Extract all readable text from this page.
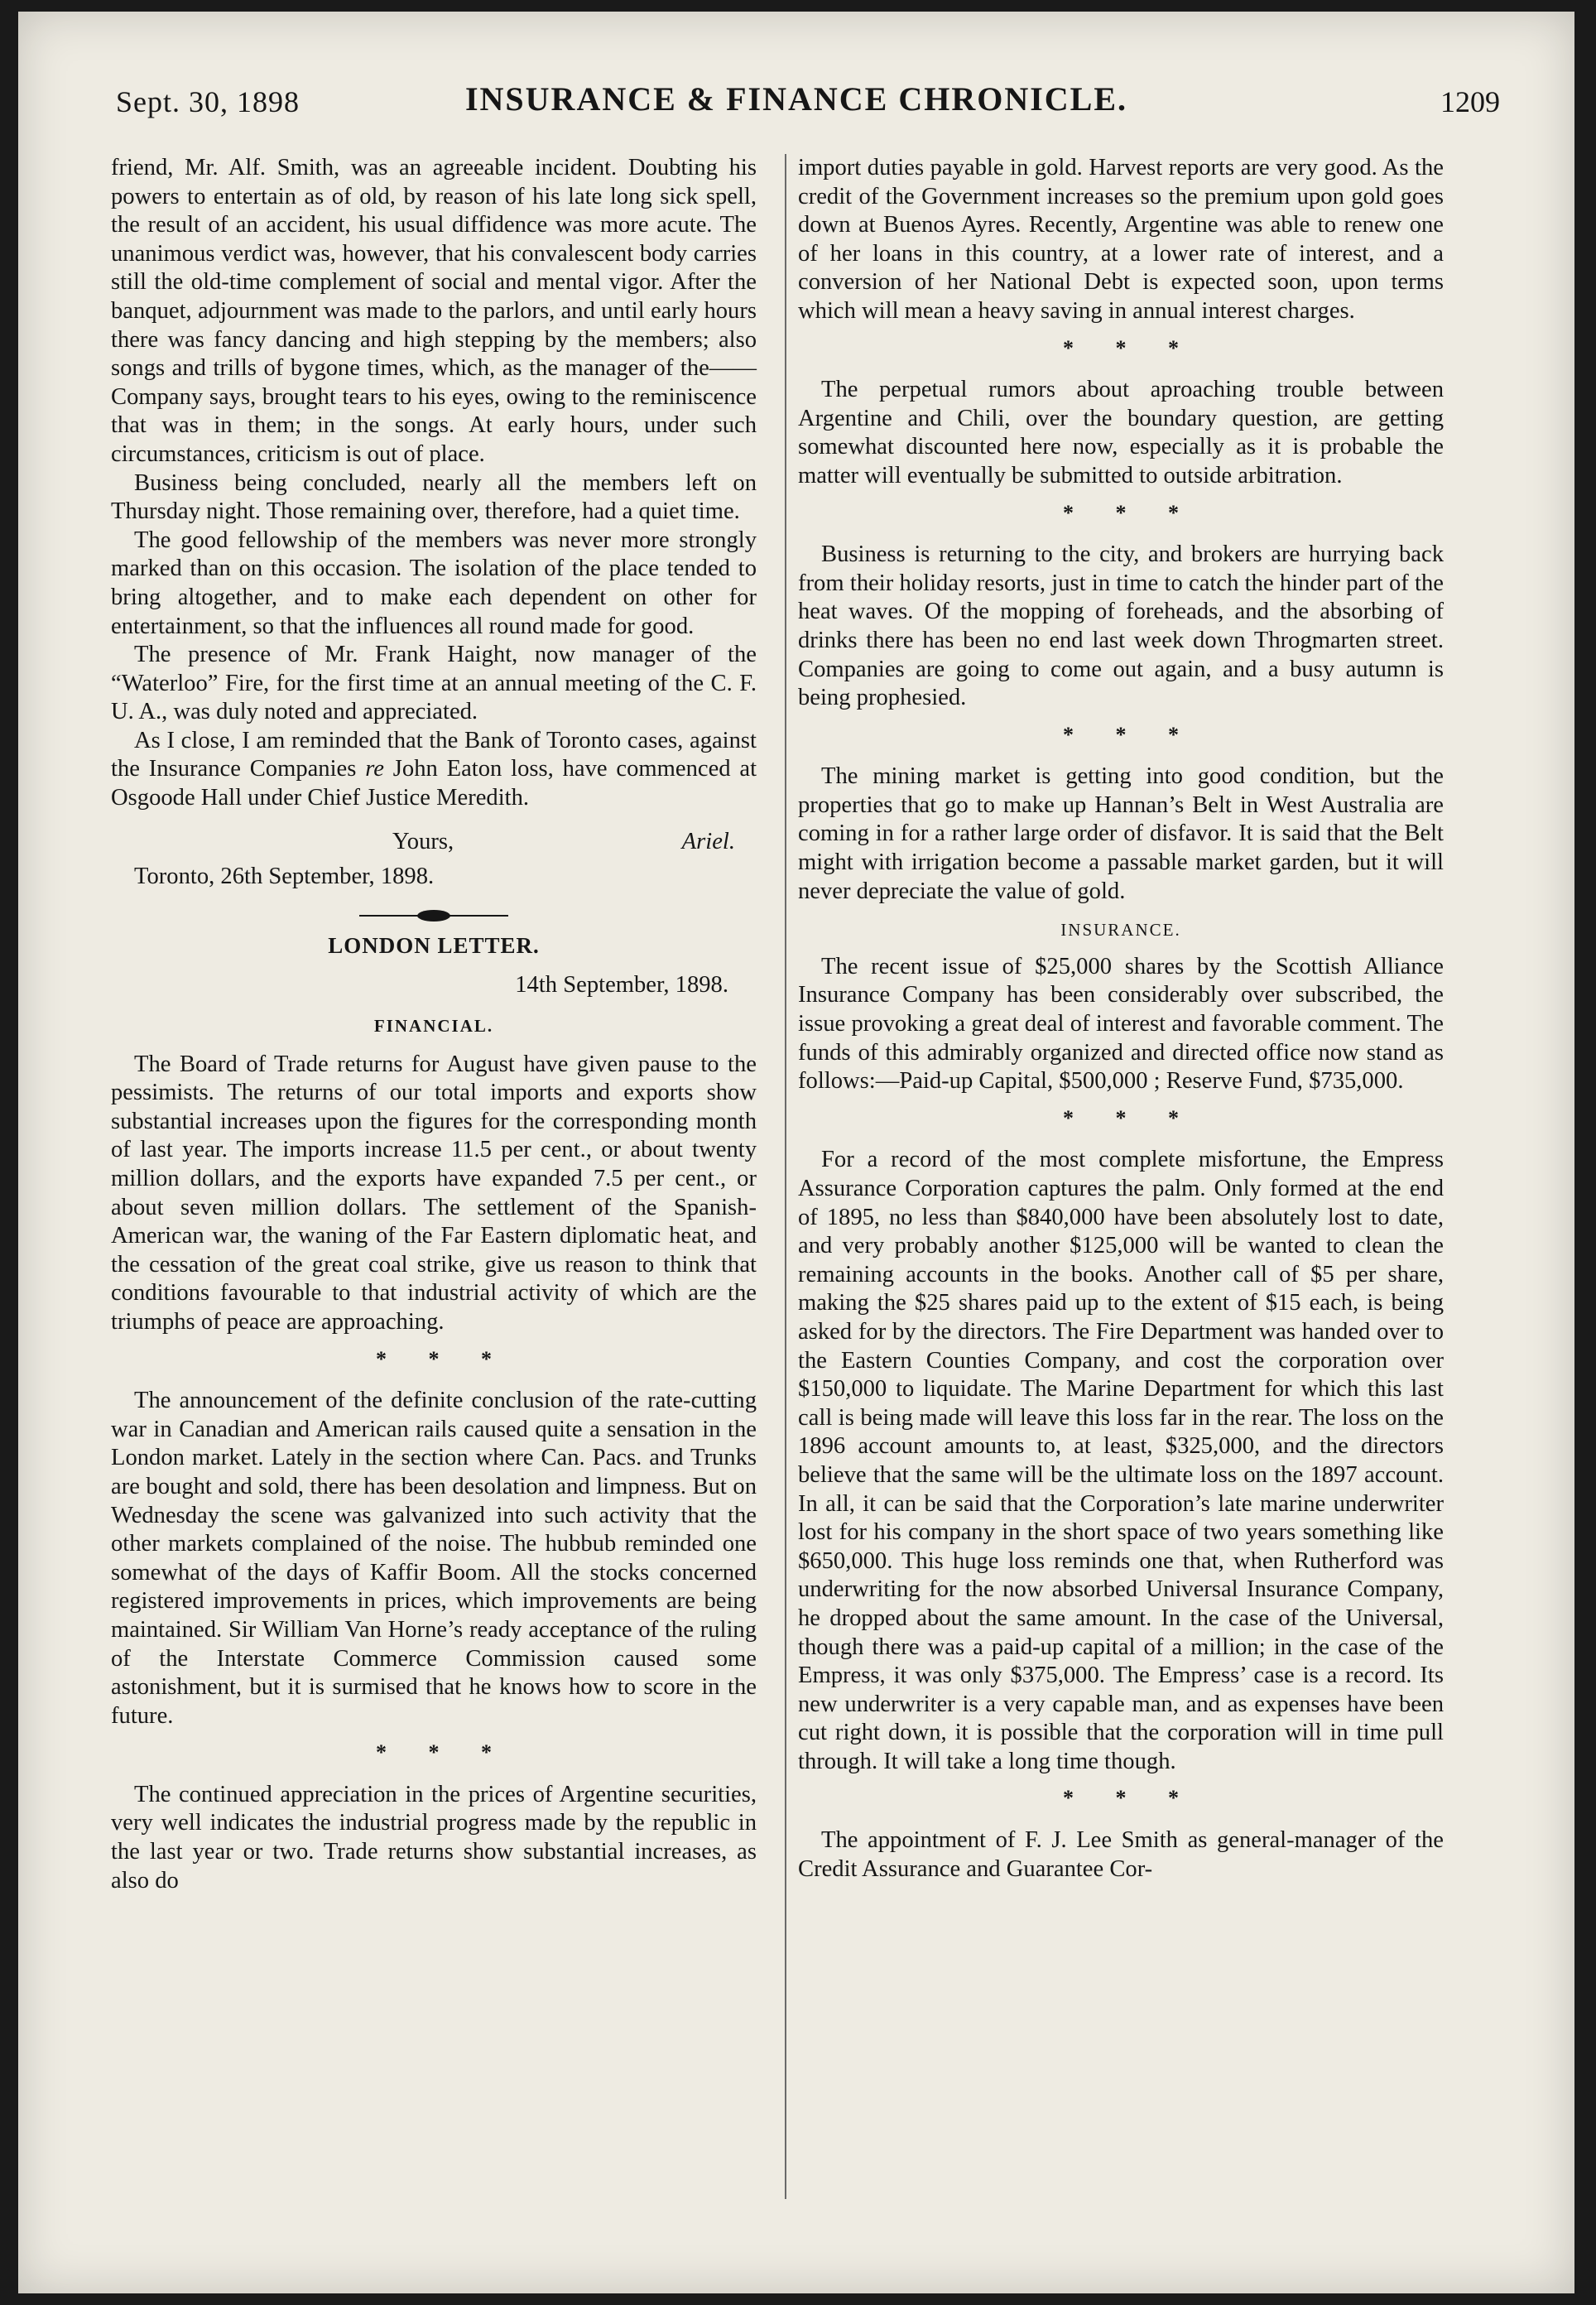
Sept. 30, 1898	INSURANCE & FINANCE CHRONICLE.	1209

friend, Mr. Alf. Smith, was an agreeable incident. Doubting his powers to entertain as of old, by reason of his late long sick spell, the result of an accident, his usual diffidence was more acute. The unanimous verdict was, however, that his convalescent body carries still the old-time complement of social and mental vigor. After the banquet, adjournment was made to the parlors, and until early hours there was fancy dancing and high stepping by the members; also songs and trills of bygone times, which, as the manager of the——Company says, brought tears to his eyes, owing to the reminiscence that was in them; in the songs. At early hours, under such circumstances, criticism is out of place.

Business being concluded, nearly all the members left on Thursday night. Those remaining over, therefore, had a quiet time.

The good fellowship of the members was never more strongly marked than on this occasion. The isolation of the place tended to bring altogether, and to make each dependent on other for entertainment, so that the influences all round made for good.

The presence of Mr. Frank Haight, now manager of the “Waterloo” Fire, for the first time at an annual meeting of the C. F. U. A., was duly noted and appreciated.

As I close, I am reminded that the Bank of Toronto cases, against the Insurance Companies re John Eaton loss, have commenced at Osgoode Hall under Chief Justice Meredith.

Yours,	Ariel.
Toronto, 26th September, 1898.
LONDON LETTER.
14th September, 1898.
FINANCIAL.

The Board of Trade returns for August have given pause to the pessimists. The returns of our total imports and exports show substantial increases upon the figures for the corresponding month of last year. The imports increase 11.5 per cent., or about twenty million dollars, and the exports have expanded 7.5 per cent., or about seven million dollars. The settlement of the Spanish-American war, the waning of the Far Eastern diplomatic heat, and the cessation of the great coal strike, give us reason to think that conditions favourable to that industrial activity of which are the triumphs of peace are approaching.

* * *

The announcement of the definite conclusion of the rate-cutting war in Canadian and American rails caused quite a sensation in the London market. Lately in the section where Can. Pacs. and Trunks are bought and sold, there has been desolation and limpness. But on Wednesday the scene was galvanized into such activity that the other markets complained of the noise. The hubbub reminded one somewhat of the days of Kaffir Boom. All the stocks concerned registered improvements in prices, which improvements are being maintained. Sir William Van Horne’s ready acceptance of the ruling of the Interstate Commerce Commission caused some astonishment, but it is surmised that he knows how to score in the future.

* * *

The continued appreciation in the prices of Argentine securities, very well indicates the industrial progress made by the republic in the last year or two. Trade returns show substantial increases, as also do

import duties payable in gold. Harvest reports are very good. As the credit of the Government increases so the premium upon gold goes down at Buenos Ayres. Recently, Argentine was able to renew one of her loans in this country, at a lower rate of interest, and a conversion of her National Debt is expected soon, upon terms which will mean a heavy saving in annual interest charges.

* * *

The perpetual rumors about aproaching trouble between Argentine and Chili, over the boundary question, are getting somewhat discounted here now, especially as it is probable the matter will eventually be submitted to outside arbitration.

* * *

Business is returning to the city, and brokers are hurrying back from their holiday resorts, just in time to catch the hinder part of the heat waves. Of the mopping of foreheads, and the absorbing of drinks there has been no end last week down Throgmarten street. Companies are going to come out again, and a busy autumn is being prophesied.

* * *

The mining market is getting into good condition, but the properties that go to make up Hannan’s Belt in West Australia are coming in for a rather large order of disfavor. It is said that the Belt might with irrigation become a passable market garden, but it will never depreciate the value of gold.

INSURANCE.

The recent issue of $25,000 shares by the Scottish Alliance Insurance Company has been considerably over subscribed, the issue provoking a great deal of interest and favorable comment. The funds of this admirably organized and directed office now stand as follows:—Paid-up Capital, $500,000 ; Reserve Fund, $735,000.

* * *

For a record of the most complete misfortune, the Empress Assurance Corporation captures the palm. Only formed at the end of 1895, no less than $840,000 have been absolutely lost to date, and very probably another $125,000 will be wanted to clean the remaining accounts in the books. Another call of $5 per share, making the $25 shares paid up to the extent of $15 each, is being asked for by the directors. The Fire Department was handed over to the Eastern Counties Company, and cost the corporation over $150,000 to liquidate. The Marine Department for which this last call is being made will leave this loss far in the rear. The loss on the 1896 account amounts to, at least, $325,000, and the directors believe that the same will be the ultimate loss on the 1897 account. In all, it can be said that the Corporation’s late marine underwriter lost for his company in the short space of two years something like $650,000. This huge loss reminds one that, when Rutherford was underwriting for the now absorbed Universal Insurance Company, he dropped about the same amount. In the case of the Universal, though there was a paid-up capital of a million; in the case of the Empress, it was only $375,000. The Empress’ case is a record. Its new underwriter is a very capable man, and as expenses have been cut right down, it is possible that the corporation will in time pull through. It will take a long time though.

* * *

The appointment of F. J. Lee Smith as general-manager of the Credit Assurance and Guarantee Cor-
